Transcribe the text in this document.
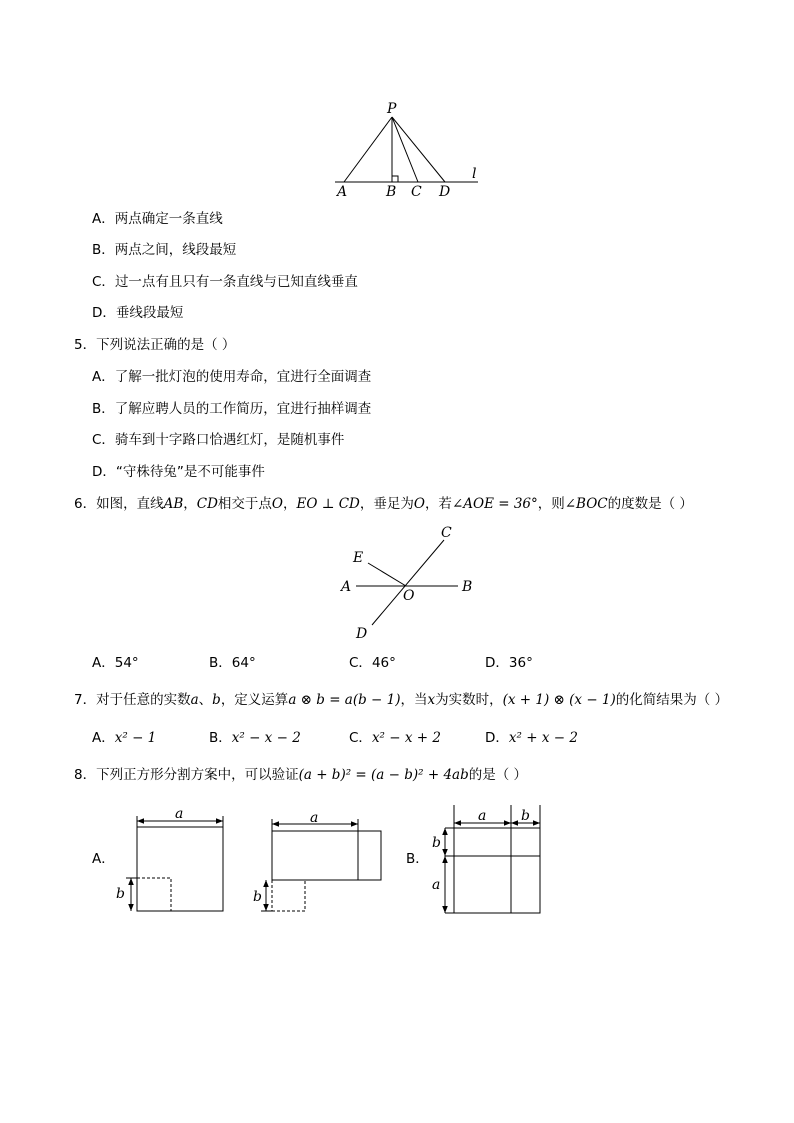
P
A	B C D
l
A．两点确定一条直线
B．两点之间，线段最短
C．过一点有且只有一条直线与已知直线垂直
D．垂线段最短
5．下列说法正确的是（ ）
A．了解一批灯泡的使用寿命，宜进行全面调查
B．了解应聘人员的工作简历，宜进行抽样调查
C．骑车到十字路口恰遇红灯，是随机事件
D．“守株待兔”是不可能事件
6．如图，直线AB，CD相交于点O，EO ⊥ CD，垂足为O，若∠AOE = 36°，则∠BOC的度数是（ ）
E
C
A
O
B
D
A．54°	B．64°	C．46°	D．36°
7．对于任意的实数a、b，定义运算a ⊗ b = a(b − 1)，当x为实数时，(x + 1) ⊗ (x − 1)的化简结果为（ ）
A．x² − 1	B．x² − x − 2	C．x² − x + 2	D．x² + x − 2
8．下列正方形分割方案中，可以验证(a + b)² = (a − b)² + 4ab的是（ ）
A．	B．
a
b
a
b
a b
b
a
